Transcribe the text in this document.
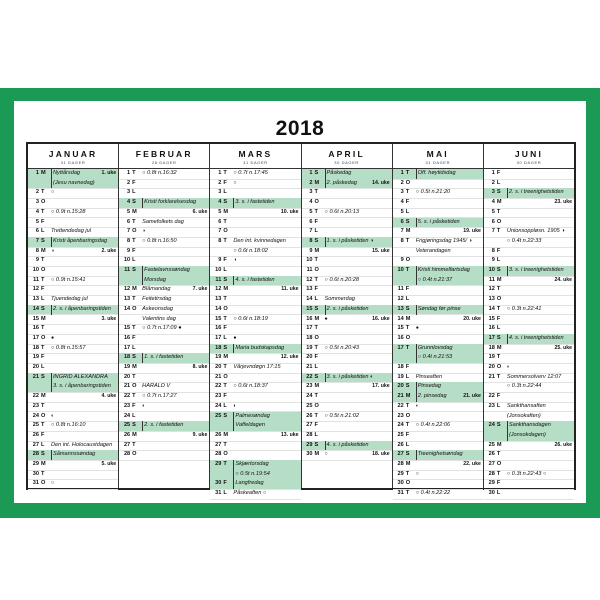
2018
JANUAR
31 DAGER
1 M	Nyttårsdag	1. uke
(Jesu navnedag)
2 T	○
3 O
4 T	○ 0.9t n.15:28
5 F
6 L	Trettendedag jul
7 S	Kristi åpenbaringsdag
8 M	◑	2. uke
9 T
10 O
11 T	○ 0.9t n.15:41
12 F
13 L	Tjuendedag jul
14 S	2. s. i åpenbaringstiden
15 M	3. uke
16 T
17 O	●
18 T	○ 0.8t n.15:57
19 F
20 L
21 S	INGRID ALEXANDRA
3. s. i åpenbaringstiden
22 M	4. uke
23 T
24 O	◐
25 T	○ 0.8t n.16:10
26 F
27 L	Den int. Holocaustdagen
28 S	Såmannssøndag
29 M	5. uke
30 T
31 O	○
FEBRUAR
28 DAGER
1 T	○ 0.8t n.16:32
2 F
3 L
4 S	Kristi forklarelsesdag
5 M	6. uke
6 T	Samefolkets dag
7 O	◑
8 T	○ 0.8t n.16:50
9 F
10 L
11 S	Fastelavnssøndag
Morsdag
12 M Blåmandag	7. uke
13 T	Feitetirsdag
14 O	Askeonsdag
Valentins dag
15 T	○ 0.7t n.17:09 ●
16 F
17 L
18 S	1. s. i fastetiden
19 M	8. uke
20 T
21 O	HARALD V
22 T	○ 0.7t n.17:27
23 F	◐
24 L
25 S	2. s. i fastetiden
26 M	9. uke
27 T
28 O
MARS
31 DAGER
1 T	○ 0.7t n.17:45
2 F	○
3 L
4 S	3. s. i fastetiden
5 M	10. uke
6 T
7 O
8 T	Den int. kvinnedagen
○ 0.6t n.18:02
9 F	◑
10 L
11 S	4. s. i fastetiden
12 M	11. uke
13 T
14 O
15 T	○ 0.6t n.18:19
16 F
17 L	●
18 S	Maria budskapsdag
19 M	12. uke
20 T	Vårjevndøgn 17:15
21 O
22 T	○ 0.6t n.18:37
23 F
24 L	◐
25 S	Palmesøndag
Vaffeldagen
26 M	13. uke
27 T
28 O
29 T	Skjærtorsdag
○ 0.5t n.19:54
30 F	Langfredag
31 L	Påskeaften ○
APRIL
30 DAGER
1 S	Påskedag
2 M	2. påskedag	14. uke
3 T
4 O
5 T	○ 0.6t n.20:13
6 F
7 L
8 S	1. s. i påsketiden ◑
9 M	15. uke
10 T
11 O
12 T	○ 0.6t n.20:28
13 F
14 L	Sommerdag
15 S	2. s. i påsketiden
16 M	●	16. uke
17 T
18 O
19 T	○ 0.5t n.20:43
20 F
21 L
22 S	3. s. i påsketiden ◐
23 M	17. uke
24 T
25 O
26 T	○ 0.5t n.21:02
27 F
28 L
29 S	4. s. i påsketiden
30 M	○	18. uke
MAI
31 DAGER
1 T	Off. høytidsdag
2 O
3 T	○ 0.5t n.21:20
4 F
5 L
6 S	5. s. i påsketiden
7 M	19. uke
8 T	Frigjøringsdag 1945/ ◑
Veterandagen
9 O
10 T	Kristi himmelfartsdag
○ 0.4t n.21:37
11 F
12 L
13 S	Søndag før pinse
14 M	20. uke
15 T	●
16 O
17 T	Grunnlovsdag
○ 0.4t n.21:53
18 F
19 L	Pinseaften
20 S	Pinsedag
21 M	2. pinsedag	21. uke
22 T	◐
23 O
24 T	○ 0.4t n.22:06
25 F
26 L
27 S	Treenighetsøndag
28 M	22. uke
29 T	○
30 O
31 T	○ 0.4t n.22:22
JUNI
30 DAGER
1 F
2 L
3 S	2. s. i treenighetstiden
4 M	23. uke
5 T
6 O
7 T	Unionsoppløsn. 1905 ◑
○ 0.4t n.22:33
8 F
9 L
10 S	3. s. i treenighetstiden
11 M	24. uke
12 T
13 O
14 T	○ 0.3t n.22:41
15 F
16 L
17 S	4. s. i treenighetstiden
18 M	25. uke
19 T
20 O	◐
21 T	Sommersolverv 12:07
○ 0.3t n.22:44
22 F
23 L	Sankthansaften
(Jonsokaften)
24 S	Sankthansdagen
(Jonsokdagen)
25 M	26. uke
26 T
27 O
28 T	○ 0.3t n.22:43 ○
29 F
30 L
